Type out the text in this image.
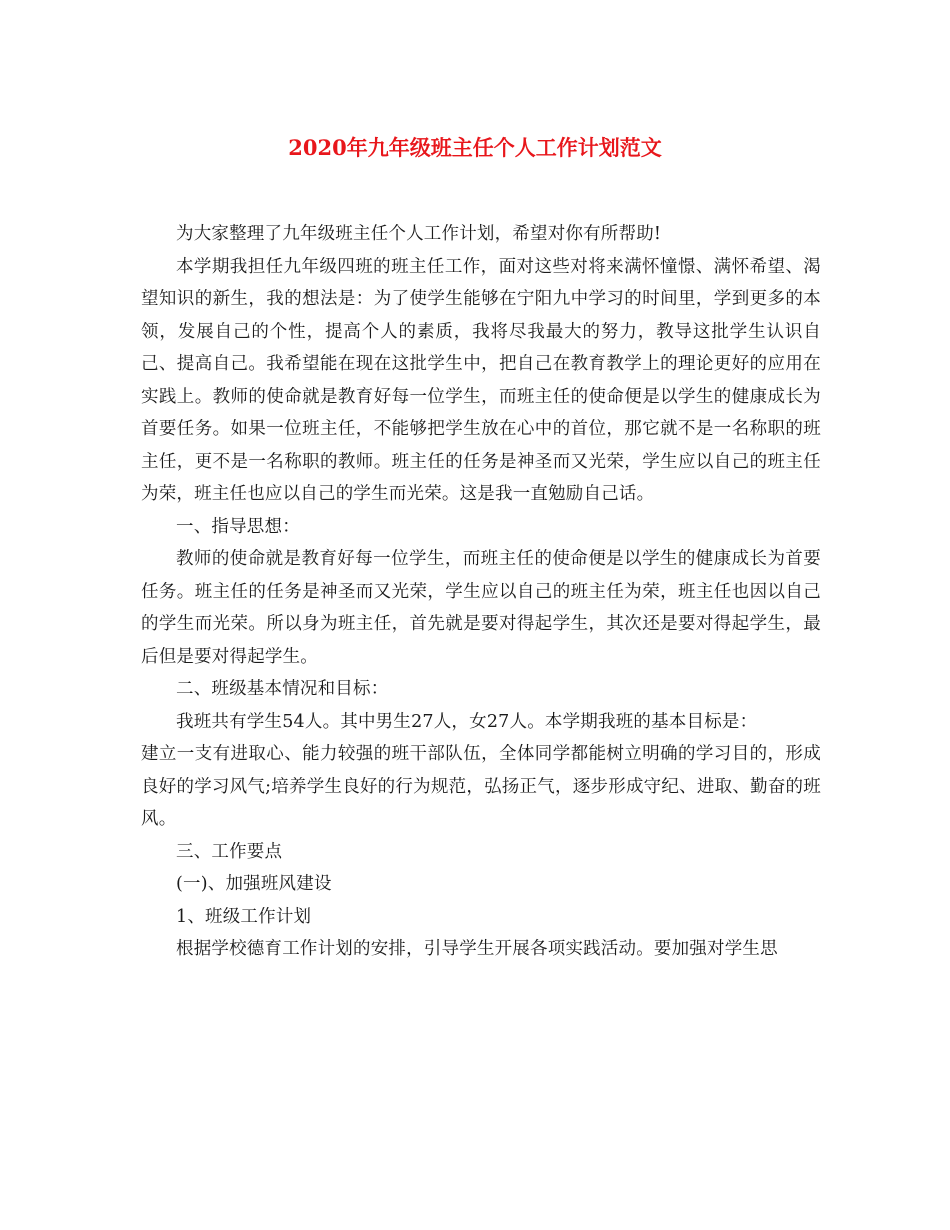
2020年九年级班主任个人工作计划范文

为大家整理了九年级班主任个人工作计划，希望对你有所帮助!

本学期我担任九年级四班的班主任工作，面对这些对将来满怀憧憬、满怀希望、渴望知识的新生，我的想法是：为了使学生能够在宁阳九中学习的时间里，学到更多的本领，发展自己的个性，提高个人的素质，我将尽我最大的努力，教导这批学生认识自己、提高自己。我希望能在现在这批学生中，把自己在教育教学上的理论更好的应用在实践上。教师的使命就是教育好每一位学生，而班主任的使命便是以学生的健康成长为首要任务。如果一位班主任，不能够把学生放在心中的首位，那它就不是一名称职的班主任，更不是一名称职的教师。班主任的任务是神圣而又光荣，学生应以自己的班主任为荣，班主任也应以自己的学生而光荣。这是我一直勉励自己话。

一、指导思想：

教师的使命就是教育好每一位学生，而班主任的使命便是以学生的健康成长为首要任务。班主任的任务是神圣而又光荣，学生应以自己的班主任为荣，班主任也因以自己的学生而光荣。所以身为班主任，首先就是要对得起学生，其次还是要对得起学生，最后但是要对得起学生。

二、班级基本情况和目标：

我班共有学生54人。其中男生27人，女27人。本学期我班的基本目标是：

建立一支有进取心、能力较强的班干部队伍，全体同学都能树立明确的学习目的，形成良好的学习风气;培养学生良好的行为规范，弘扬正气，逐步形成守纪、进取、勤奋的班风。

三、工作要点

(一)、加强班风建设

1、班级工作计划

根据学校德育工作计划的安排，引导学生开展各项实践活动。要加强对学生思
